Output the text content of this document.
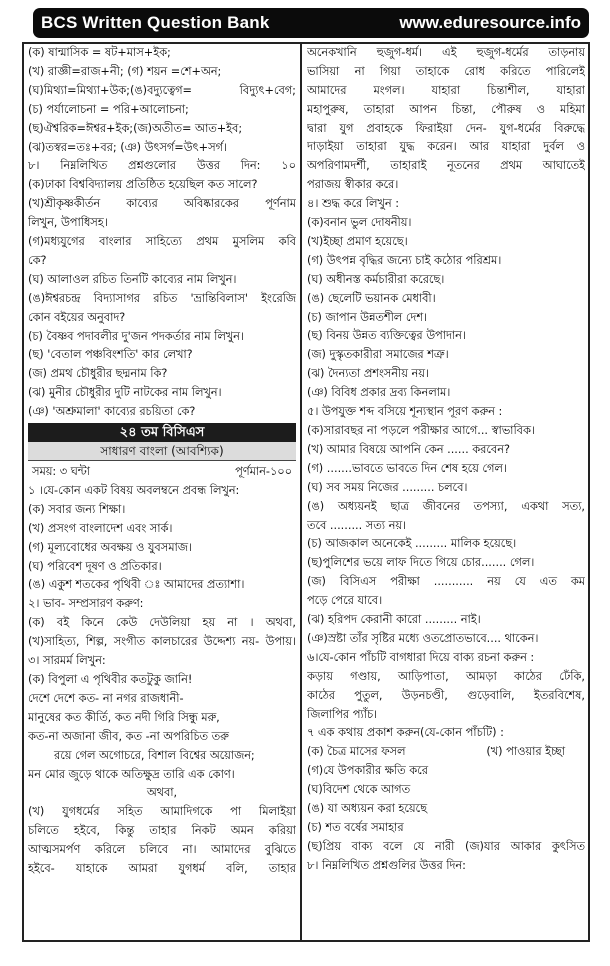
BCS Written Question Bank	www.eduresource.info
(ক) ষান্মাসিক = ষট+মাস+ইক;
(খ) রাজ্ঞী=রাজ+নী; (গ) শয়ন =শে+অন;
(ঘ)মিথ্যা=মিথ্যা+উক;(ঙ)বদ্যুত্বেগ= বিদ্যুৎ+বেগ;
(চ) পর্যালোচনা = পরি+আলোচনা;
(ছ)ঐশ্বরিক=ঈশ্বর+ইক;(জ)অতীত= আত+ইব;
(ঝ)তস্বর=তঃ+বর; (ঞ) উৎসর্গ=উৎ+সর্গ।
৮। নিম্নলিখিত প্রশ্নগুলোর উত্তর দিন: ১০
(ক)ঢাকা বিশ্ববিদ্যালয় প্রতিষ্ঠিত হয়েছিল কত সালে?
(খ)শ্রীকৃষ্ণকীর্তন কাব্যের অবিষ্কারকের পূর্ণনাম
লিখুন, উপাধিসহ।
(গ)মধ্যযুগের বাংলার সাহিত্যে প্রথম মুসলিম কবি
কে?
(ঘ) আলাওল রচিত তিনটি কাব্যের নাম লিখুন।
(ঙ)ঈশ্বরচন্দ্র বিদ্যাসাগর রচিত 'ভ্রান্তিবিলাস' ইংরেজি
কোন বইয়ের অনুবাদ?
(চ) বৈষ্ণব পদাবলীর দু'জন পদকর্তার নাম লিখুন।
(ছ) 'বেতাল পঞ্চবিংশতি' কার লেখা?
(জ) প্রমথ চৌধুরীর ছদ্মনাম কি?
(ঝ) মুনীর চৌধুরীর দুটি নাটকের নাম লিখুন।
(ঞ) 'অশ্রুমালা' কাব্যের রচয়িতা কে?
২৪ তম বিসিএস
সাধারণ বাংলা (আবশ্যিক)
সময়: ৩ ঘন্টা	পূর্ণমান-১০০
১ ।যে-কোন একট বিষয় অবলম্বনে প্রবন্ধ লিখুন:
(ক) সবার জন্য শিক্ষা।
(খ) প্রসংগ বাংলাদেশ এবং সার্ক।
(গ) মূল্যবোধের অবক্ষয় ও যুবসমাজ।
(ঘ) পরিবেশ দূষণ ও প্রতিকার।
(ঙ) একুশ শতকের পৃথিবী ঃ আমাদের প্রত্যাশা।
২। ভাব- সম্প্রসারণ করুণ:
(ক) বই কিনে কেউ দেউলিয়া হয় না । অথবা,
(খ)সাহিত্য, শিল্প, সংগীত কালচারের উদ্দেশ্য নয়- উপায়।
৩। সারমর্ম লিখুন:
(ক) বিপুলা এ পৃথিবীর কতটুকু জানি!
দেশে দেশে কত- না নগর রাজধানী-
মানুষের কত কীর্তি, কত নদী গিরি সিন্ধু মরু,
কত-না অজানা জীব, কত -না অপরিচিত তরু
রয়ে গেল অগোচরে, বিশাল বিশ্বের অয়োজন;
মন মোর জুড়ে থাকে অতিক্ষুদ্র তারি এক কোণ।
অথবা,
(খ) যুগধর্মের সহিত আমাদিগকে পা মিলাইয়া
চলিতে হইবে, কিন্তু তাহার নিকট অমন করিয়া
আত্মসমর্পণ করিলে চলিবে না। আমাদের বুঝিতে
হইবে- যাহাকে আমরা যুগধর্ম বলি, তাহার
অনেকখানি হুজুগ-ধর্ম। এই হুজুগ-ধর্মের তাড়নায়
ভাসিয়া না গিয়া তাহাকে রোধ করিতে পারিলেই
আমাদের মংগল। যাহারা চিন্তাশীল, যাহারা
মহাপুরুষ, তাহারা আপন চিন্তা, পৌরুষ ও মহিমা
দ্বারা যুগ প্রবাহকে ফিরাইয়া দেন- যুগ-ধর্মের বিরুদ্ধে
দাড়াইয়া তাহারা যুদ্ধ করেন। আর যাহারা দুর্বল ও
অপরিণামদর্শী, তাহারাই নূতনের প্রথম আঘাতেই
পরাজয় স্বীকার করে।
৪। শুদ্ধ করে লিখুন :
(ক)বনান ভুল দোষনীয়।
(খ)ইচ্ছা প্রমাণ হয়েছে।
(গ) উৎপন্ন বৃদ্ধির জন্যে চাই কঠোর পরিশ্রম।
(ঘ) অধীনস্ত কর্মচারীরা করেছে।
(ঙ) ছেলেটি ভয়ানক মেধাবী।
(চ) জাপান উন্নতশীল দেশ।
(ছ) বিনয় উন্নত ব্যক্তিত্বের উপাদান।
(জ) দুস্কৃতকারীরা সমাজের শত্রু।
(ঝ) দৈন্যতা প্রশংসনীয় নয়।
(ঞ) বিবিধ প্রকার দ্রব্য কিনলাম।
৫। উপযুক্ত শব্দ বসিয়ে শূন্যস্থান পূরণ করুন :
(ক)সারাবছর না পড়লে পরীক্ষার আগে... স্বাভাবিক।
(খ) আমার বিষয়ে আপনি কেন ...... করবেন?
(গ) .......ভাবতে ভাবতে দিন শেষ হয়ে গেল।
(ঘ) সব সময় নিজের ......... চলবে।
(ঙ) অধ্যয়নই ছাত্র জীবনের তপস্যা, একথা সত্য,
তবে ......... সত্য নয়।
(চ) আজকাল অনেকেই ......... মালিক হয়েছে।
(ছ)পুলিশের ভয়ে লাফ দিতে গিয়ে চোর....... গেল।
(জ) বিসিএস পরীক্ষা ........... নয় যে এত কম
পড়ে পেরে যাবে।
(ঝ) হরিপদ কেরানী কারো ......... নাই।
(ঞ)স্রষ্টা তাঁর সৃষ্টির মধ্যে ওতপ্রোতভাবে.... থাকেন।
৬।যে-কোন পাঁচটি বাগধারা দিয়ে বাক্য রচনা করুন :
কড়ায় গণ্ডায়, আড়িপাতা, আমড়া কাঠের ঢেঁকি,
কাঠের পুতুল, উড়নচণ্ডী, গুড়েবালি, ইতরবিশেষ,
জিলাপির প্যাঁচ।
৭ এক কথায় প্রকাশ করুন(যে-কোন পাঁচটি) :
(ক) চৈত্র মাসের ফসল	(খ) পাওয়ার ইচ্ছা
(গ)যে উপকারীর ক্ষতি করে
(ঘ)বিদেশ থেকে আগত
(ঙ) যা অধ্যয়ন করা হয়েছে
(চ) শত বর্ষের সমাহার
(ছ)প্রিয় বাক্য বলে যে নারী (জ)যার আকার কুৎসিত
৮। নিম্নলিখিত প্রশ্নগুলির উত্তর দিন:
